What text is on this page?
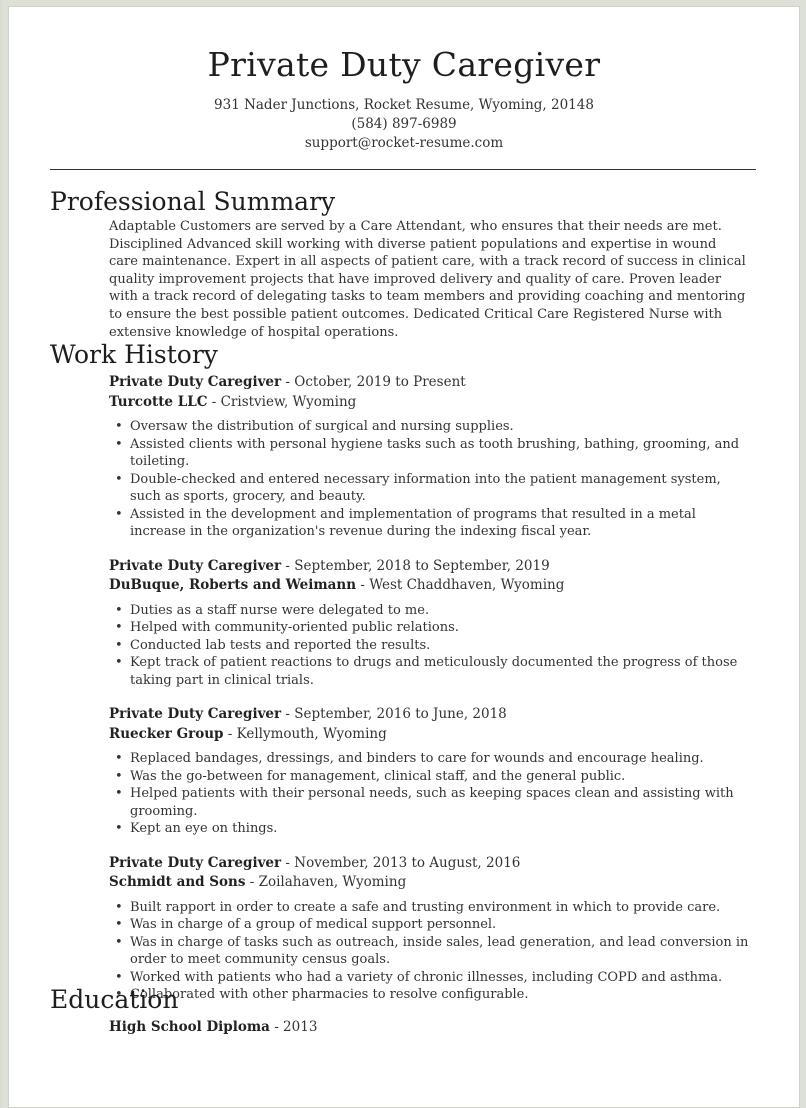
Private Duty Caregiver
931 Nader Junctions, Rocket Resume, Wyoming, 20148
(584) 897-6989
support@rocket-resume.com
Professional Summary

Adaptable Customers are served by a Care Attendant, who ensures that their needs are met. Disciplined Advanced skill working with diverse patient populations and expertise in wound care maintenance. Expert in all aspects of patient care, with a track record of success in clinical quality improvement projects that have improved delivery and quality of care. Proven leader with a track record of delegating tasks to team members and providing coaching and mentoring to ensure the best possible patient outcomes. Dedicated Critical Care Registered Nurse with extensive knowledge of hospital operations.

Work History
Private Duty Caregiver - October, 2019 to Present
Turcotte LLC - Cristview, Wyoming
• Oversaw the distribution of surgical and nursing supplies.
• Assisted clients with personal hygiene tasks such as tooth brushing, bathing, grooming, and toileting.
• Double-checked and entered necessary information into the patient management system, such as sports, grocery, and beauty.
• Assisted in the development and implementation of programs that resulted in a metal increase in the organization's revenue during the indexing fiscal year.
Private Duty Caregiver - September, 2018 to September, 2019
DuBuque, Roberts and Weimann - West Chaddhaven, Wyoming
• Duties as a staff nurse were delegated to me.
• Helped with community-oriented public relations.
• Conducted lab tests and reported the results.
• Kept track of patient reactions to drugs and meticulously documented the progress of those taking part in clinical trials.
Private Duty Caregiver - September, 2016 to June, 2018
Ruecker Group - Kellymouth, Wyoming
• Replaced bandages, dressings, and binders to care for wounds and encourage healing.
• Was the go-between for management, clinical staff, and the general public.
• Helped patients with their personal needs, such as keeping spaces clean and assisting with grooming.
• Kept an eye on things.
Private Duty Caregiver - November, 2013 to August, 2016
Schmidt and Sons - Zoilahaven, Wyoming
• Built rapport in order to create a safe and trusting environment in which to provide care.
• Was in charge of a group of medical support personnel.
• Was in charge of tasks such as outreach, inside sales, lead generation, and lead conversion in order to meet community census goals.
• Worked with patients who had a variety of chronic illnesses, including COPD and asthma.
• Collaborated with other pharmacies to resolve configurable.
Education
High School Diploma - 2013
